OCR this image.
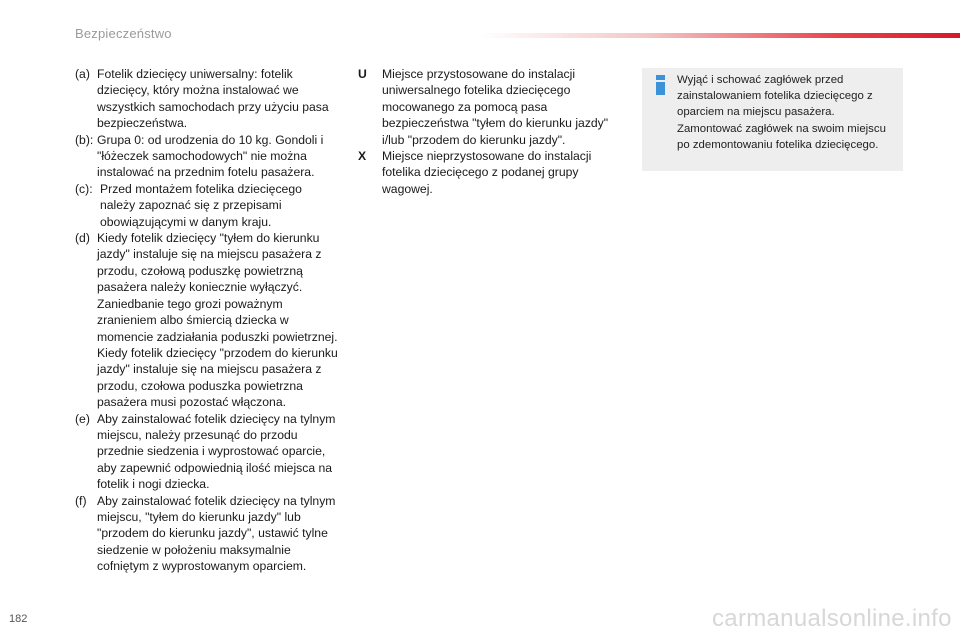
Bezpieczeństwo
(a) Fotelik dziecięcy uniwersalny: fotelik dziecięcy, który można instalować we wszystkich samochodach przy użyciu pasa bezpieczeństwa.
(b): Grupa 0: od urodzenia do 10 kg. Gondoli i "łóżeczek samochodowych" nie można instalować na przednim fotelu pasażera.
(c): Przed montażem fotelika dziecięcego należy zapoznać się z przepisami obowiązującymi w danym kraju.
(d) Kiedy fotelik dziecięcy "tyłem do kierunku jazdy" instaluje się na miejscu pasażera z przodu, czołową poduszkę powietrzną pasażera należy koniecznie wyłączyć. Zaniedbanie tego grozi poważnym zranieniem albo śmiercią dziecka w momencie zadziałania poduszki powietrznej.
Kiedy fotelik dziecięcy "przodem do kierunku jazdy" instaluje się na miejscu pasażera z przodu, czołowa poduszka powietrzna pasażera musi pozostać włączona.
(e) Aby zainstalować fotelik dziecięcy na tylnym miejscu, należy przesunąć do przodu przednie siedzenia i wyprostować oparcie, aby zapewnić odpowiednią ilość miejsca na fotelik i nogi dziecka.
(f) Aby zainstalować fotelik dziecięcy na tylnym miejscu, "tyłem do kierunku jazdy" lub "przodem do kierunku jazdy", ustawić tylne siedzenie w położeniu maksymalnie cofniętym z wyprostowanym oparciem.
U	Miejsce przystosowane do instalacji uniwersalnego fotelika dziecięcego mocowanego za pomocą pasa bezpieczeństwa "tyłem do kierunku jazdy" i/lub "przodem do kierunku jazdy".
X	Miejsce nieprzystosowane do instalacji fotelika dziecięcego z podanej grupy wagowej.
Wyjąć i schować zagłówek przed zainstalowaniem fotelika dziecięcego z oparciem na miejscu pasażera. Zamontować zagłówek na swoim miejscu po zdemontowaniu fotelika dziecięcego.
182	carmanualsonline.info
